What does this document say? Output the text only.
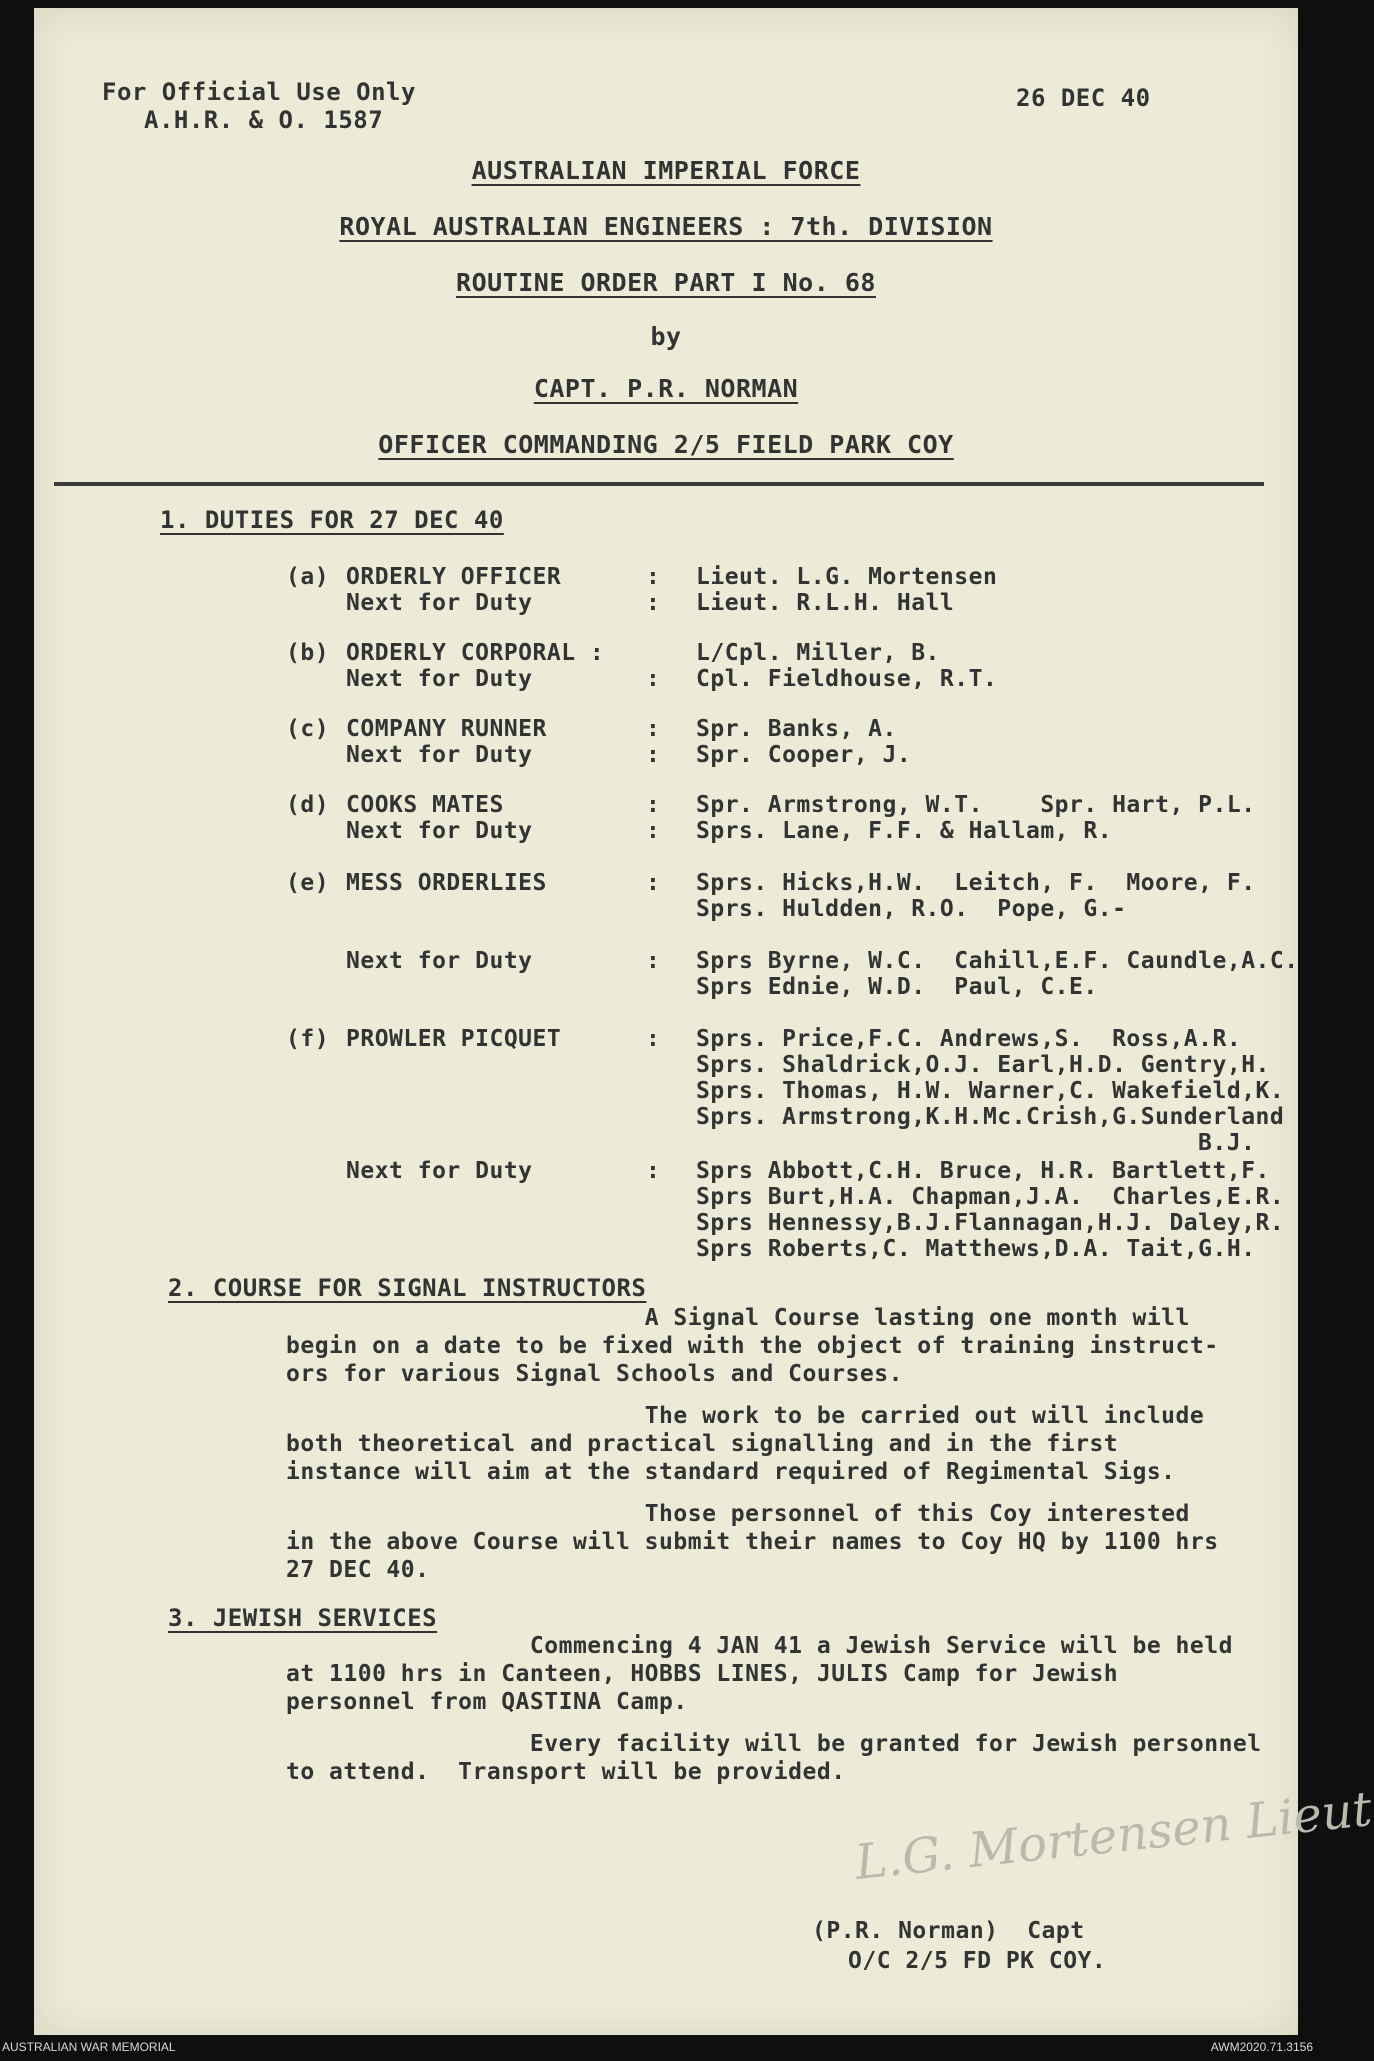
For Official Use Only
A.H.R. & O. 1587
26 DEC 40
AUSTRALIAN IMPERIAL FORCE
ROYAL AUSTRALIAN ENGINEERS : 7th. DIVISION
ROUTINE ORDER PART I No. 68
by
CAPT. P.R. NORMAN
OFFICER COMMANDING 2/5 FIELD PARK COY
1. DUTIES FOR 27 DEC 40
(a) ORDERLY OFFICER	: Lieut. L.G. Mortensen
Next for Duty	: Lieut. R.L.H. Hall
(b) ORDERLY CORPORAL :	L/Cpl. Miller, B.
Next for Duty	: Cpl. Fieldhouse, R.T.
(c) COMPANY RUNNER	: Spr. Banks, A.
Next for Duty	: Spr. Cooper, J.
(d) COOKS MATES	: Spr. Armstrong, W.T.    Spr. Hart, P.L.
Next for Duty	: Sprs. Lane, F.F. & Hallam, R.
(e) MESS ORDERLIES	: Sprs. Hicks,H.W.  Leitch, F.  Moore, F.
Sprs. Huldden, R.O.  Pope, G.-
Next for Duty	: Sprs Byrne, W.C.  Cahill,E.F. Caundle,A.C.
Sprs Ednie, W.D.  Paul, C.E.
(f) PROWLER PICQUET	: Sprs. Price,F.C. Andrews,S.  Ross,A.R.
Sprs. Shaldrick,O.J. Earl,H.D. Gentry,H.
Sprs. Thomas, H.W. Warner,C. Wakefield,K.
Sprs. Armstrong,K.H.Mc.Crish,G.Sunderland
B.J.
Next for Duty	: Sprs Abbott,C.H. Bruce, H.R. Bartlett,F.
Sprs Burt,H.A. Chapman,J.A.  Charles,E.R.
Sprs Hennessy,B.J.Flannagan,H.J. Daley,R.
Sprs Roberts,C. Matthews,D.A. Tait,G.H.
2. COURSE FOR SIGNAL INSTRUCTORS
A Signal Course lasting one month will
begin on a date to be fixed with the object of training instruct-
ors for various Signal Schools and Courses.
The work to be carried out will include
both theoretical and practical signalling and in the first
instance will aim at the standard required of Regimental Sigs.
Those personnel of this Coy interested
in the above Course will submit their names to Coy HQ by 1100 hrs
27 DEC 40.
3. JEWISH SERVICES
Commencing 4 JAN 41 a Jewish Service will be held
at 1100 hrs in Canteen, HOBBS LINES, JULIS Camp for Jewish
personnel from QASTINA Camp.
Every facility will be granted for Jewish personnel
to attend.  Transport will be provided.
L.G. Mortensen Lieut
(P.R. Norman)  Capt
O/C 2/5 FD PK COY.
AUSTRALIAN WAR MEMORIAL	AWM2020.71.3156
